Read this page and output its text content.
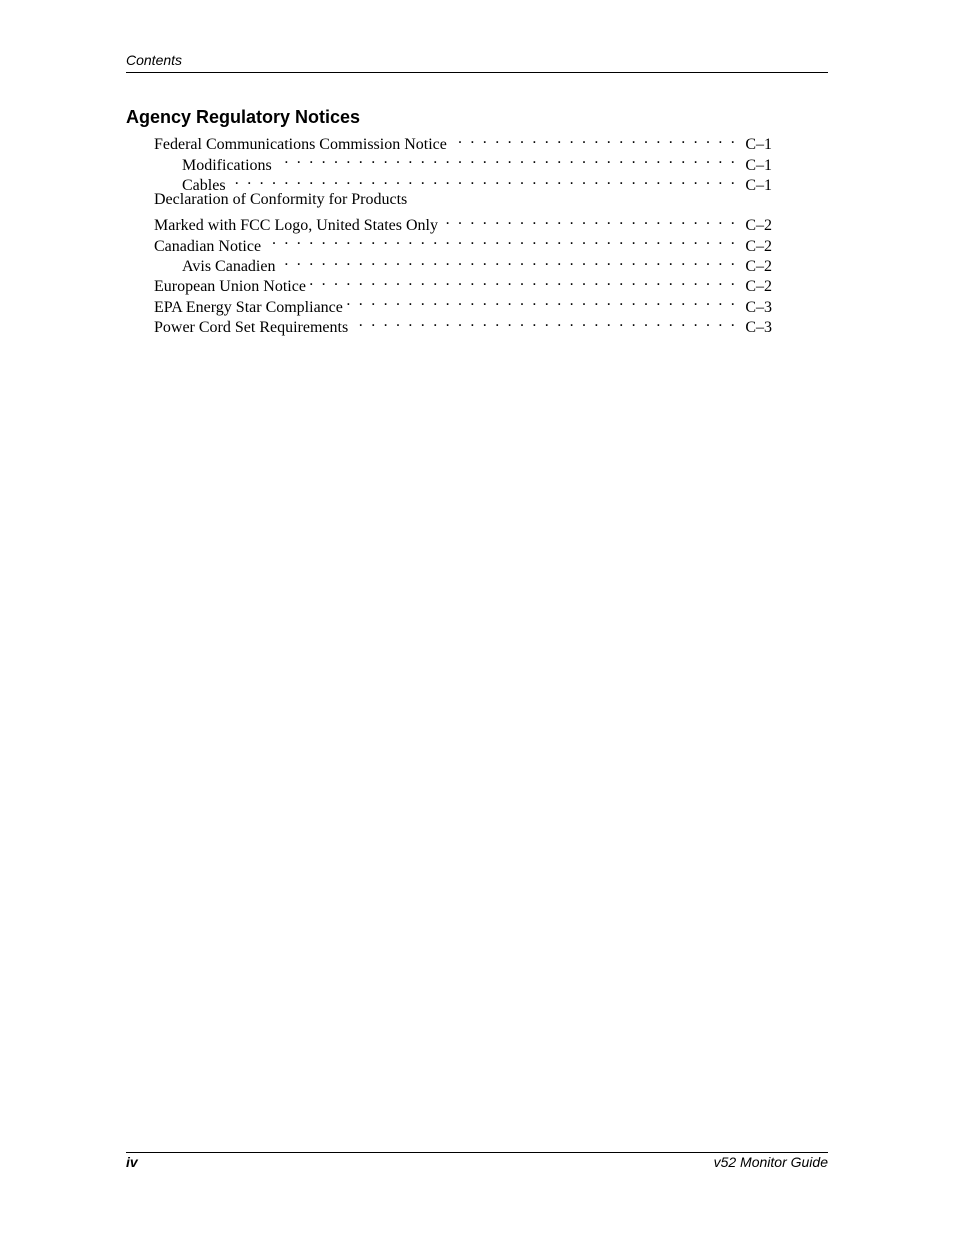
Contents
Agency Regulatory Notices
Federal Communications Commission Notice . . .	C–1
Modifications . . .	C–1
Cables . . .	C–1
Declaration of Conformity for Products
Marked with FCC Logo, United States Only . . .	C–2
Canadian Notice . . .	C–2
Avis Canadien . . .	C–2
European Union Notice . . .	C–2
EPA Energy Star Compliance . . .	C–3
Power Cord Set Requirements . . .	C–3
iv	v52 Monitor Guide
